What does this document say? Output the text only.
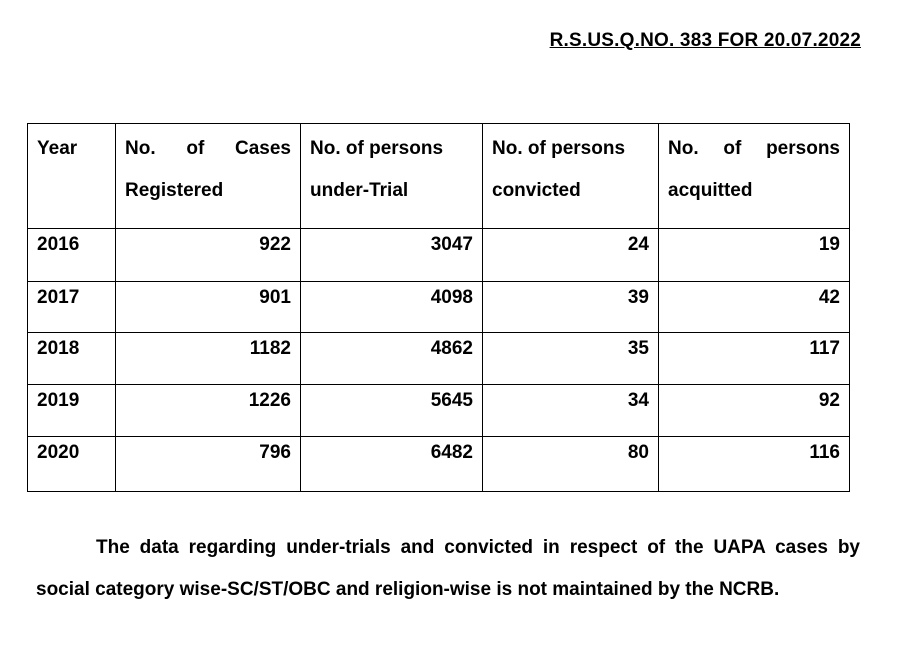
R.S.US.Q.NO. 383 FOR 20.07.2022
Year	No. of Cases Registered	No. of persons under-Trial	No. of persons convicted	No. of persons acquitted
2016	922	3047	24	19
2017	901	4098	39	42
2018	1182	4862	35	117
2019	1226	5645	34	92
2020	796	6482	80	116
The data regarding under-trials and convicted in respect of the UAPA cases by social category wise-SC/ST/OBC and religion-wise is not maintained by the NCRB.
